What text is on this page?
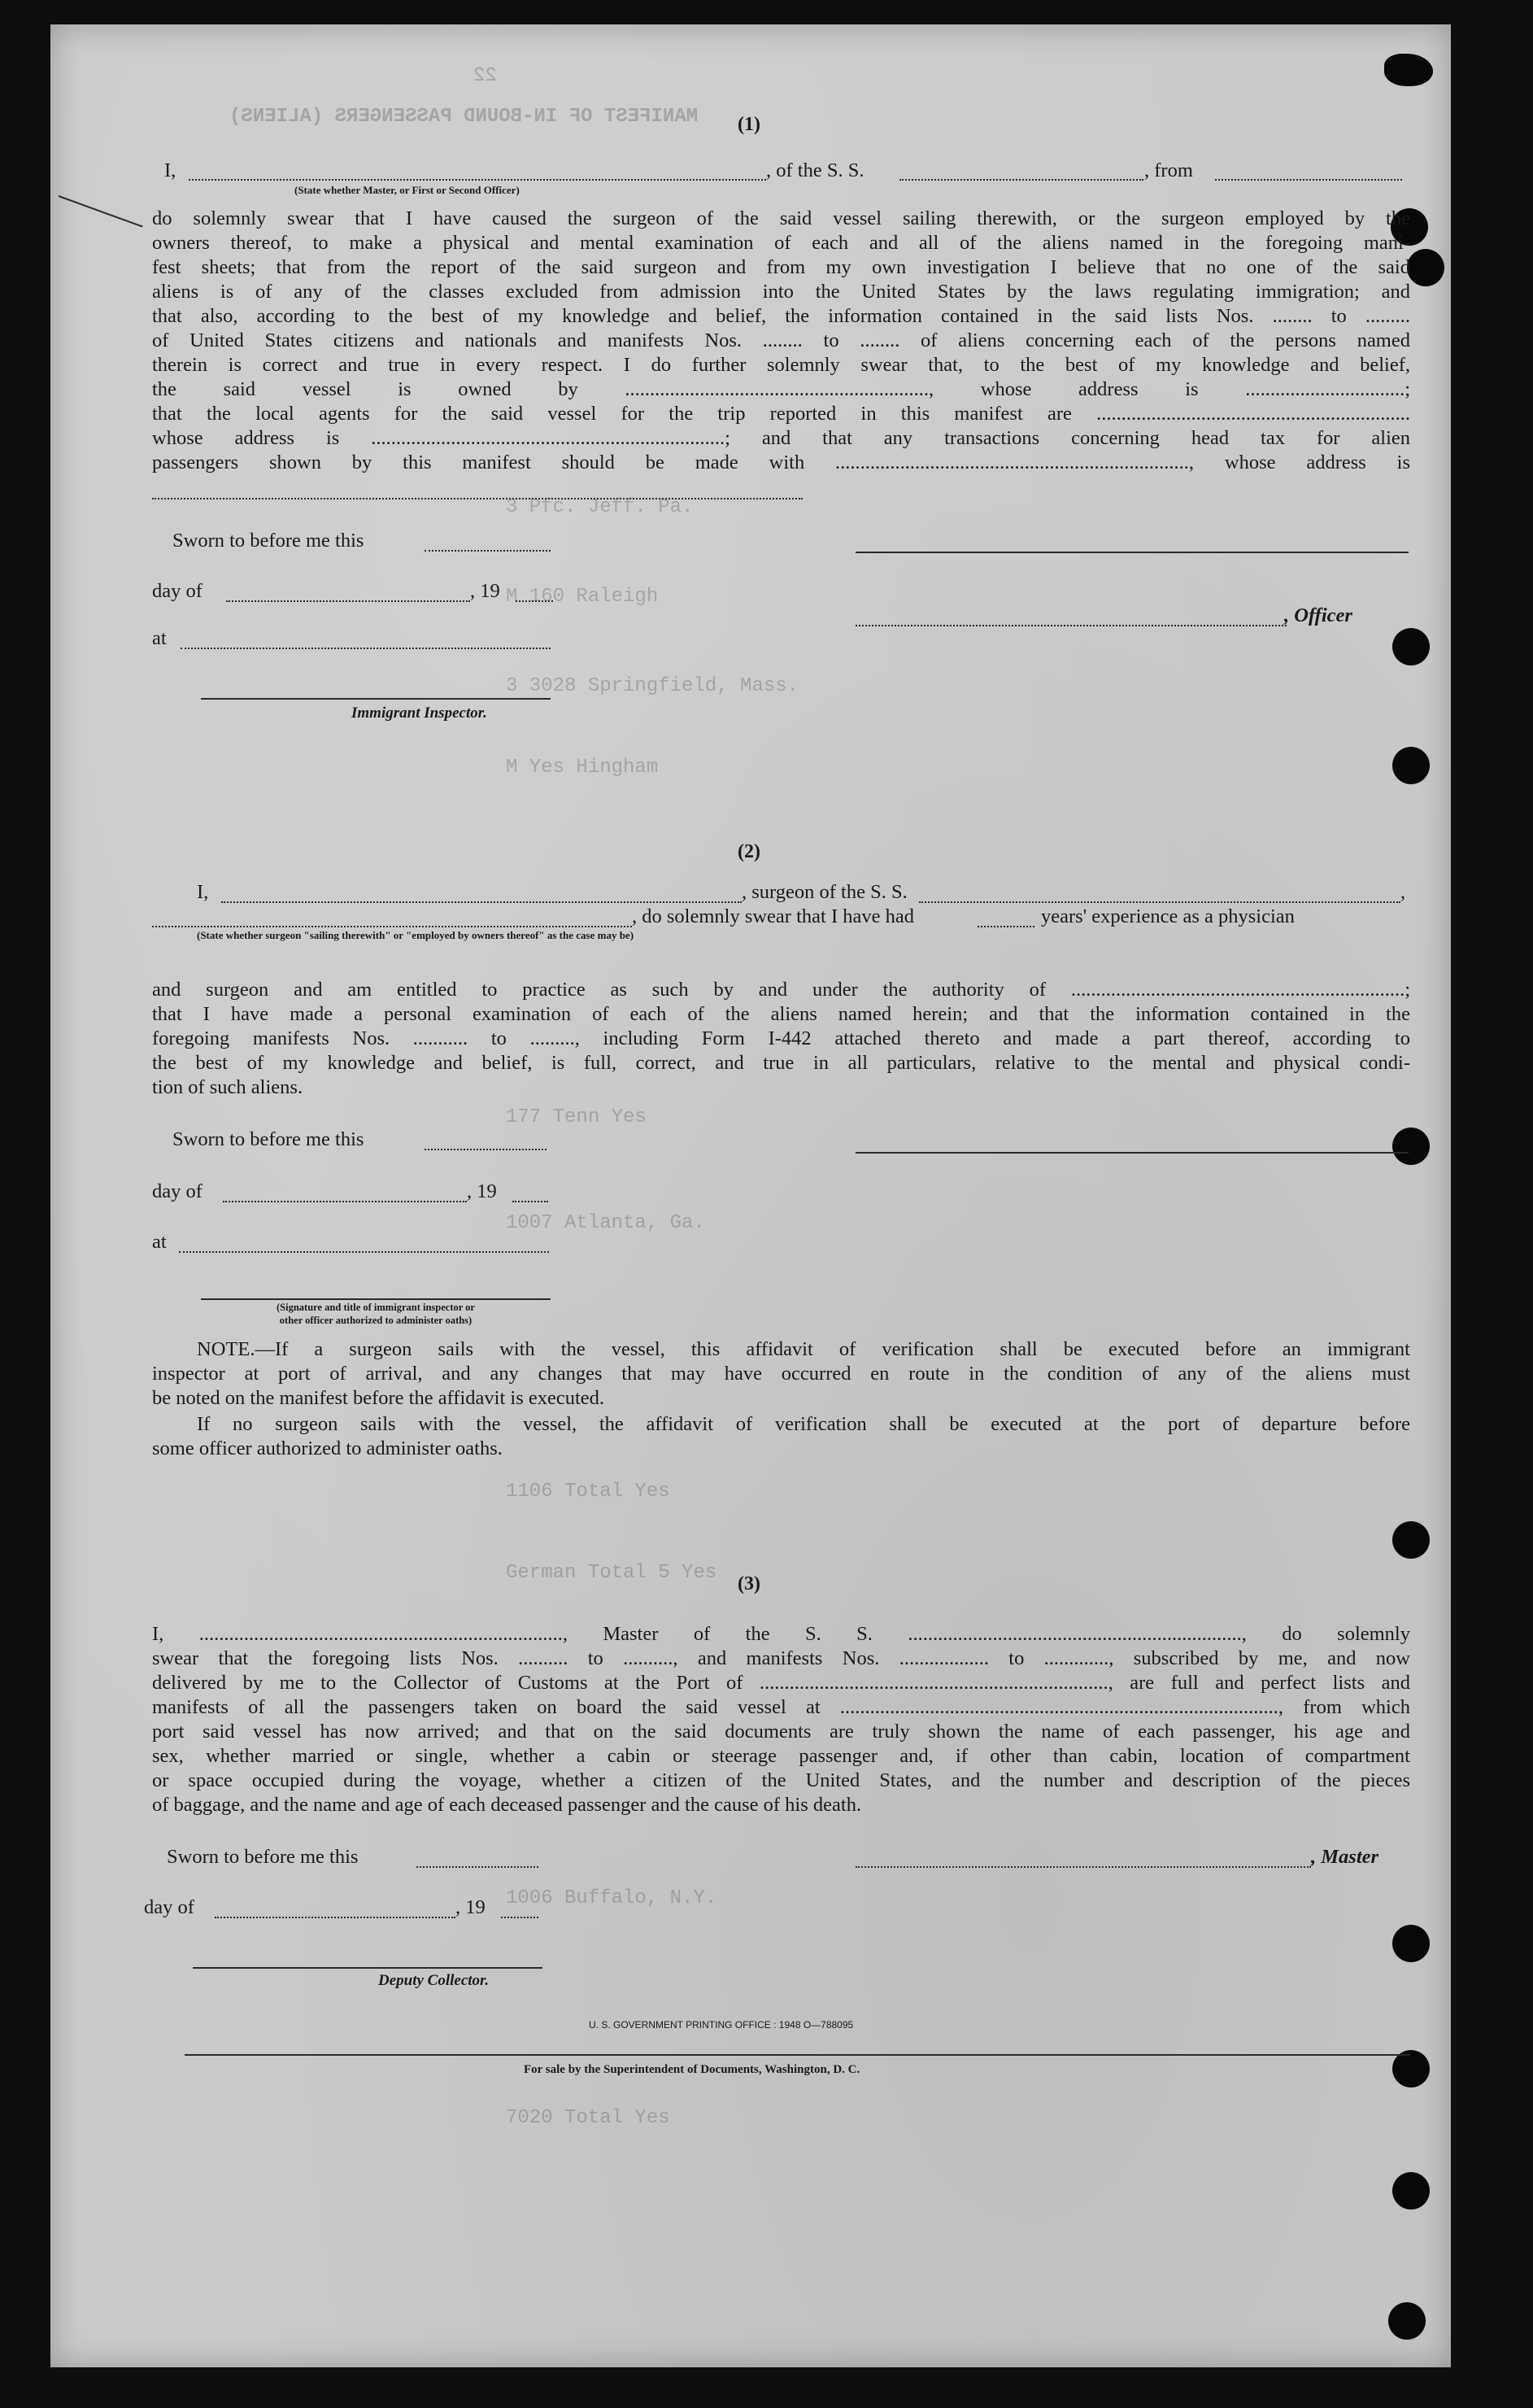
MANIFEST OF IN-BOUND PASSENGERS (ALIENS)
22
(1)
I,	, of the S. S.	, from
(State whether Master, or First or Second Officer)
do solemnly swear that I have caused the surgeon of the said vessel sailing therewith, or the surgeon employed by the
owners thereof, to make a physical and mental examination of each and all of the aliens named in the foregoing mani-
fest sheets; that from the report of the said surgeon and from my own investigation I believe that no one of the said
aliens is of any of the classes excluded from admission into the United States by the laws regulating immigration; and
that also, according to the best of my knowledge and belief, the information contained in the said lists Nos. ........ to .........
of United States citizens and nationals and manifests Nos. ........ to ........ of aliens concerning each of the persons named
therein is correct and true in every respect. I do further solemnly swear that, to the best of my knowledge and belief,
the said vessel is owned by ............................................................., whose address is ................................;
that the local agents for the said vessel for the trip reported in this manifest are ...............................................................
whose address is .......................................................................; and that any transactions concerning head tax for alien
passengers shown by this manifest should be made with ......................................................................., whose address is
Sworn to before me this
day of	, 19
, Officer
at
Immigrant Inspector.
(2)
I,	, surgeon of the S. S.	,
, do solemnly swear that I have had	years' experience as a physician
(State whether surgeon "sailing therewith" or "employed by owners thereof" as the case may be)
and surgeon and am entitled to practice as such by and under the authority of ...................................................................;
that I have made a personal examination of each of the aliens named herein; and that the information contained in the
foregoing manifests Nos. ........... to ........., including Form I-442 attached thereto and made a part thereof, according to
the best of my knowledge and belief, is full, correct, and true in all particulars, relative to the mental and physical condi-
tion of such aliens.
Sworn to before me this
day of	, 19
at
(Signature and title of immigrant inspector or
other officer authorized to administer oaths)
NOTE.—If a surgeon sails with the vessel, this affidavit of verification shall be executed before an immigrant
inspector at port of arrival, and any changes that may have occurred en route in the condition of any of the aliens must
be noted on the manifest before the affidavit is executed.
If no surgeon sails with the vessel, the affidavit of verification shall be executed at the port of departure before
some officer authorized to administer oaths.
(3)
I, ........................................................................., Master of the S. S. ..................................................................., do solemnly
swear that the foregoing lists Nos. .......... to .........., and manifests Nos. .................. to ............., subscribed by me, and now
delivered by me to the Collector of Customs at the Port of ......................................................................, are full and perfect lists and
manifests of all the passengers taken on board the said vessel at ........................................................................................, from which
port said vessel has now arrived; and that on the said documents are truly shown the name of each passenger, his age and
sex, whether married or single, whether a cabin or steerage passenger and, if other than cabin, location of compartment
or space occupied during the voyage, whether a citizen of the United States, and the number and description of the pieces
of baggage, and the name and age of each deceased passenger and the cause of his death.
Sworn to before me this	, Master
day of	, 19
Deputy Collector.
U. S. GOVERNMENT PRINTING OFFICE : 1948 O—788095
For sale by the Superintendent of Documents, Washington, D. C.
3 Pfc. Jeff. Pa.
M 160 Raleigh
3 3028 Springfield, Mass.
M Yes Hingham
177 Tenn Yes
1007 Atlanta, Ga.
1106 Total Yes
German Total 5 Yes
1006 Buffalo, N.Y.
7020 Total Yes
